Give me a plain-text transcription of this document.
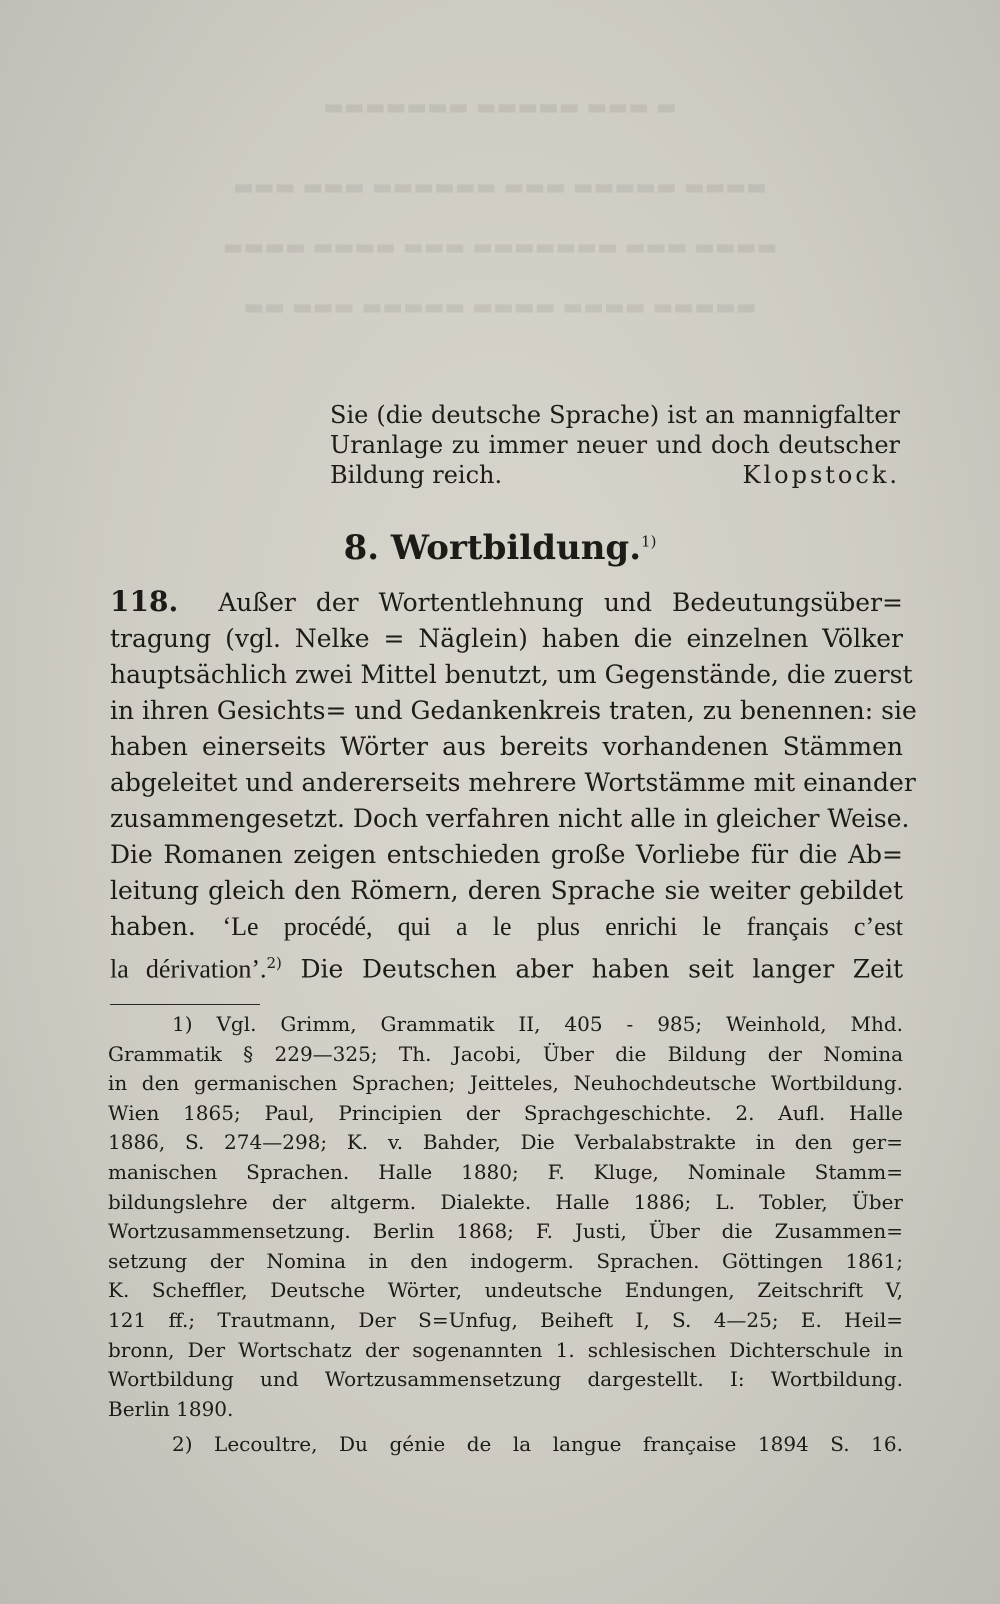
▬ ▬▬▬ ▬▬▬▬▬ ▬▬▬▬▬▬▬
▬▬▬▬ ▬▬▬▬▬ ▬▬▬ ▬▬▬▬▬▬ ▬▬▬ ▬▬▬
▬▬▬▬ ▬▬▬ ▬▬▬▬▬▬▬ ▬▬▬ ▬▬▬▬ ▬▬▬▬
▬▬▬▬▬ ▬▬▬▬ ▬▬▬▬ ▬▬▬▬▬ ▬▬▬ ▬▬
Sie (die deutsche Sprache) ist an mannigfalter
Uranlage zu immer neuer und doch deutscher
Bildung reich.	Klopstock.
8. Wortbildung.$^{1)}$
118. Außer der Wortentlehnung und Bedeutungsüber=
tragung (vgl. Nelke = Näglein) haben die einzelnen Völker
hauptsächlich zwei Mittel benutzt, um Gegenstände, die zuerst
in ihren Gesichts= und Gedankenkreis traten, zu benennen: sie
haben einerseits Wörter aus bereits vorhandenen Stämmen
abgeleitet und andererseits mehrere Wortstämme mit einander
zusammengesetzt. Doch verfahren nicht alle in gleicher Weise.
Die Romanen zeigen entschieden große Vorliebe für die Ab=
leitung gleich den Römern, deren Sprache sie weiter gebildet
haben. ‘Le procédé, qui a le plus enrichi le français c’est
la dérivation’.$^{2)}$ Die Deutschen aber haben seit langer Zeit
1) Vgl. Grimm, Grammatik II, 405 - 985; Weinhold, Mhd.
Grammatik § 229—325; Th. Jacobi, Über die Bildung der Nomina
in den germanischen Sprachen; Jeitteles, Neuhochdeutsche Wortbildung.
Wien 1865; Paul, Principien der Sprachgeschichte. 2. Aufl. Halle
1886, S. 274—298; K. v. Bahder, Die Verbalabstrakte in den ger=
manischen Sprachen. Halle 1880; F. Kluge, Nominale Stamm=
bildungslehre der altgerm. Dialekte. Halle 1886; L. Tobler, Über
Wortzusammensetzung. Berlin 1868; F. Justi, Über die Zusammen=
setzung der Nomina in den indogerm. Sprachen. Göttingen 1861;
K. Scheffler, Deutsche Wörter, undeutsche Endungen, Zeitschrift V,
121 ff.; Trautmann, Der S=Unfug, Beiheft I, S. 4—25; E. Heil=
bronn, Der Wortschatz der sogenannten 1. schlesischen Dichterschule in
Wortbildung und Wortzusammensetzung dargestellt. I: Wortbildung.
Berlin 1890.
2) Lecoultre, Du génie de la langue française 1894 S. 16.
